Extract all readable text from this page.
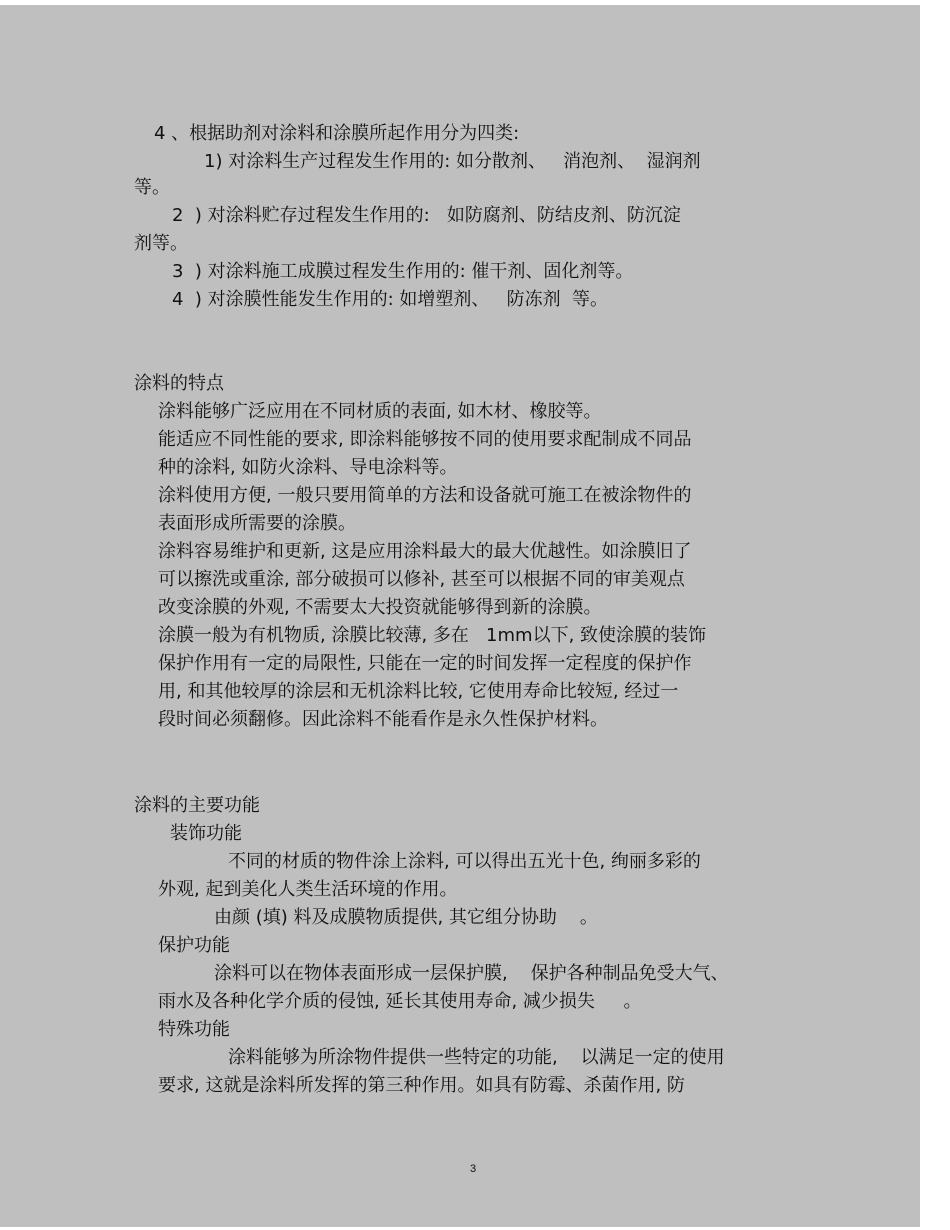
4 、根据助剂对涂料和涂膜所起作用分为四类:
1) 对涂料生产过程发生作用的: 如分散剂、   消泡剂、  湿润剂
等。
2  ) 对涂料贮存过程发生作用的:   如防腐剂、防结皮剂、防沉淀
剂等。
3  ) 对涂料施工成膜过程发生作用的: 催干剂、固化剂等。
4  ) 对涂膜性能发生作用的: 如增塑剂、   防冻剂  等。
涂料的特点
涂料能够广泛应用在不同材质的表面, 如木材、橡胶等。
能适应不同性能的要求, 即涂料能够按不同的使用要求配制成不同品
种的涂料, 如防火涂料、导电涂料等。
涂料使用方便, 一般只要用简单的方法和设备就可施工在被涂物件的
表面形成所需要的涂膜。
涂料容易维护和更新, 这是应用涂料最大的最大优越性。如涂膜旧了
可以擦洗或重涂, 部分破损可以修补, 甚至可以根据不同的审美观点
改变涂膜的外观, 不需要太大投资就能够得到新的涂膜。
涂膜一般为有机物质, 涂膜比较薄, 多在   1mm以下, 致使涂膜的装饰
保护作用有一定的局限性, 只能在一定的时间发挥一定程度的保护作
用, 和其他较厚的涂层和无机涂料比较, 它使用寿命比较短, 经过一
段时间必须翻修。因此涂料不能看作是永久性保护材料。
涂料的主要功能
装饰功能
不同的材质的物件涂上涂料, 可以得出五光十色, 绚丽多彩的
外观, 起到美化人类生活环境的作用。
由颜 (填) 料及成膜物质提供, 其它组分协助    。
保护功能
涂料可以在物体表面形成一层保护膜,    保护各种制品免受大气、
雨水及各种化学介质的侵蚀, 延长其使用寿命, 减少损失     。
特殊功能
涂料能够为所涂物件提供一些特定的功能,    以满足一定的使用
要求, 这就是涂料所发挥的第三种作用。如具有防霉、杀菌作用, 防
3
